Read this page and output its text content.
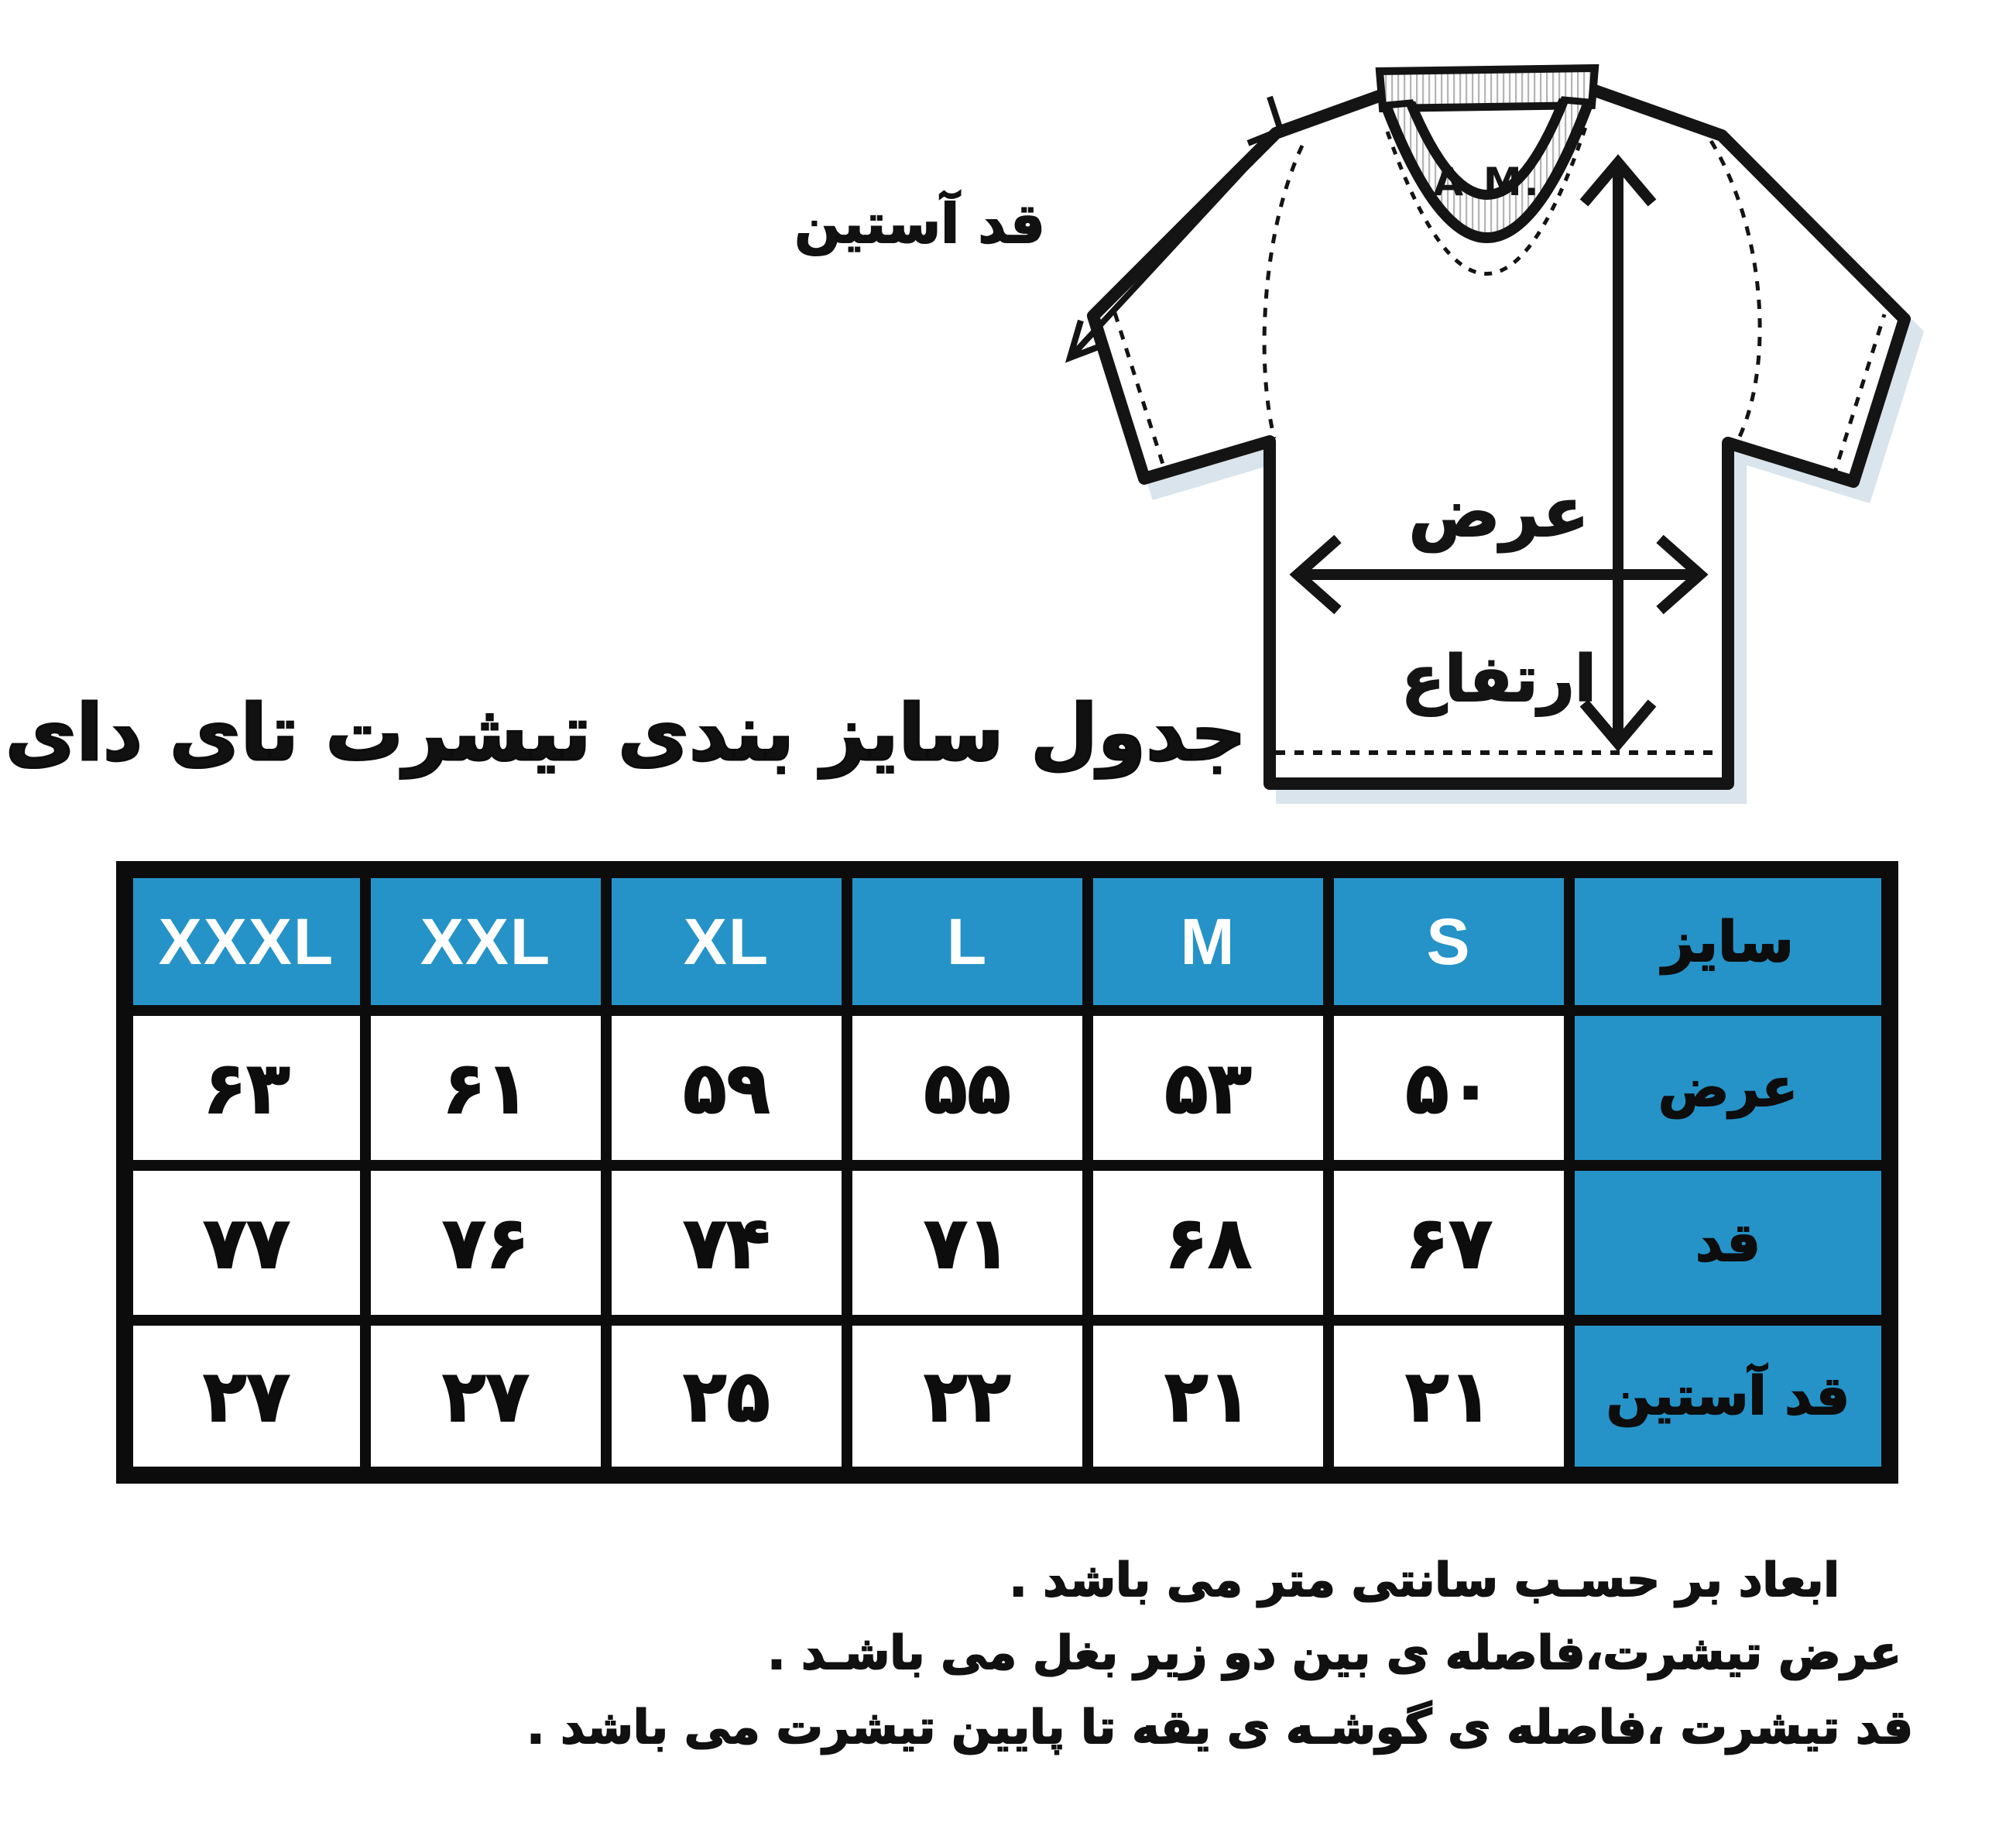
قد آستین
A.M.
عرض
ارتفاع
جدول سایز بندی تیشرت تای دای
XXXL	XXL	XL	L	M	S	سایز
۶۳	۶۱	۵۹	۵۵	۵۳	۵۰	عرض
۷۷	۷۶	۷۴	۷۱	۶۸	۶۷	قد
۲۷	۲۷	۲۵	۲۲	۲۱	۲۱	قد آستین
ابعاد بر حسـب سانتی متر می باشد .
عرض تیشرت،فاصله ی بین دو زیر بغل می باشـد .
قد تیشرت ،فاصله ی گوشـه ی یقه تا پایین تیشرت می باشد .
